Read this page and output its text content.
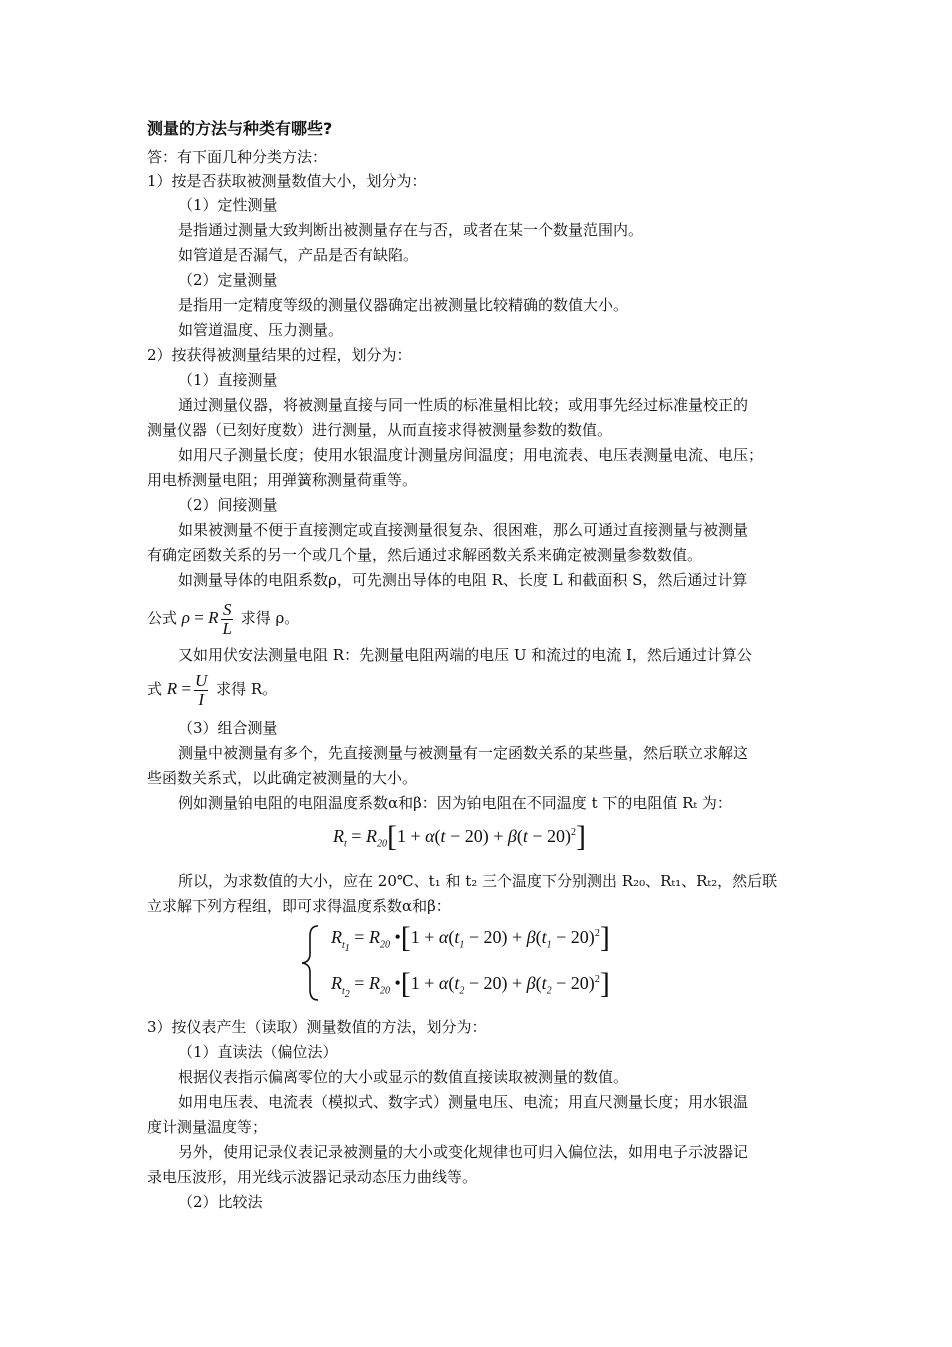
测量的方法与种类有哪些?
答：有下面几种分类方法：
1）按是否获取被测量数值大小，划分为：
（1）定性测量
是指通过测量大致判断出被测量存在与否，或者在某一个数量范围内。
如管道是否漏气，产品是否有缺陷。
（2）定量测量
是指用一定精度等级的测量仪器确定出被测量比较精确的数值大小。
如管道温度、压力测量。
2）按获得被测量结果的过程，划分为：
（1）直接测量
通过测量仪器，将被测量直接与同一性质的标准量相比较；或用事先经过标准量校正的
测量仪器（已刻好度数）进行测量，从而直接求得被测量参数的数值。
如用尺子测量长度；使用水银温度计测量房间温度；用电流表、电压表测量电流、电压；
用电桥测量电阻；用弹簧称测量荷重等。
（2）间接测量
如果被测量不便于直接测定或直接测量很复杂、很困难，那么可通过直接测量与被测量
有确定函数关系的另一个或几个量，然后通过求解函数关系来确定被测量参数数值。
如测量导体的电阻系数ρ，可先测出导体的电阻 R、长度 L 和截面积 S，然后通过计算
公式 ρ = R $\frac{S}{L}$ 求得 ρ。
又如用伏安法测量电阻 R：先测量电阻两端的电压 U 和流过的电流 I，然后通过计算公
式 $R = \frac{U}{I}$ 求得 R。
（3）组合测量
测量中被测量有多个，先直接测量与被测量有一定函数关系的某些量，然后联立求解这
些函数关系式，以此确定被测量的大小。
例如测量铂电阻的电阻温度系数α和β：因为铂电阻在不同温度 t 下的电阻值 Rₜ 为：
$R_t = R_{20}[1 + \alpha(t - 20) + \beta(t - 20)^2]$
所以，为求数值的大小，应在 20℃、t₁ 和 t₂ 三个温度下分别测出 R₂₀、Rₜ₁、Rₜ₂，然后联
立求解下列方程组，即可求得温度系数α和β：
$R_{t_1} = R_{20}$ •[1 + $\alpha(t_1 - 20) + \beta(t_1 - 20)^2$]
$R_{t_2} = R_{20}$ •[1 + $\alpha(t_2 - 20) + \beta(t_2 - 20)^2$]
3）按仪表产生（读取）测量数值的方法，划分为：
（1）直读法（偏位法）
根据仪表指示偏离零位的大小或显示的数值直接读取被测量的数值。
如用电压表、电流表（模拟式、数字式）测量电压、电流；用直尺测量长度；用水银温
度计测量温度等；
另外，使用记录仪表记录被测量的大小或变化规律也可归入偏位法，如用电子示波器记
录电压波形，用光线示波器记录动态压力曲线等。
（2）比较法
